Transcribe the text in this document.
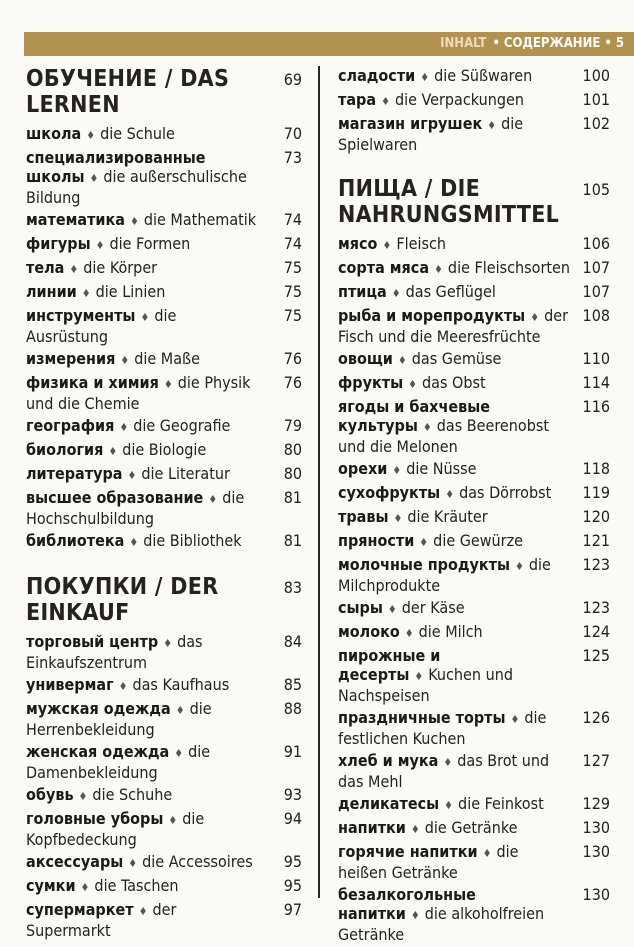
INHALT • СОДЕРЖАНИЕ • 5
ОБУЧЕНИЕ / DAS LERNEN
69
школа ♦ die Schule	70
специализированные школы ♦ die außerschulische Bildung
73
математика ♦ die Mathematik 74
фигуры ♦ die Formen	74
тела ♦ die Körper	75
линии ♦ die Linien	75
инструменты ♦ die Ausrüstung
75
измерения ♦ die Maße	76
физика и химия ♦ die Physik und die Chemie
76
география ♦ die Geografie	79
биология ♦ die Biologie	80
литература ♦ die Literatur	80
высшее образование ♦ die Hochschulbildung
81
библиотека ♦ die Bibliothek	81
ПОКУПКИ / DER EINKAUF
83
торговый центр ♦ das Einkaufszentrum
84
универмаг ♦ das Kaufhaus	85
мужская одежда ♦ die Herrenbekleidung
88
женская одежда ♦ die Damenbekleidung
91
обувь ♦ die Schuhe	93
головные уборы ♦ die Kopfbedeckung
94
аксессуары ♦ die Accessoires 95
сумки ♦ die Taschen	95
супермаркет ♦ der Supermarkt
97
сладости ♦ die Süßwaren	100
тара ♦ die Verpackungen	101
магазин игрушек ♦ die Spielwaren
102
ПИЩА / DIE NAHRUNGSMITTEL
105
мясо ♦ Fleisch	106
сорта мяса ♦ die Fleischsorten 107
птица ♦ das Geflügel	107
рыба и морепродукты ♦ der Fisch und die Meeresfrüchte
108
овощи ♦ das Gemüse	110
фрукты ♦ das Obst	114
ягоды и бахчевые культуры ♦ das Beerenobst und die Melonen
116
орехи ♦ die Nüsse	118
сухофрукты ♦ das Dörrobst 119
травы ♦ die Kräuter	120
пряности ♦ die Gewürze	121
молочные продукты ♦ die Milchprodukte
123
сыры ♦ der Käse	123
молоко ♦ die Milch	124
пирожные и десерты ♦ Kuchen und Nachspeisen
125
праздничные торты ♦ die festlichen Kuchen
126
хлеб и мука ♦ das Brot und das Mehl
127
деликатесы ♦ die Feinkost 129
напитки ♦ die Getränke	130
горячие напитки ♦ die heißen Getränke
130
безалкогольные напитки ♦ die alkoholfreien Getränke
130
